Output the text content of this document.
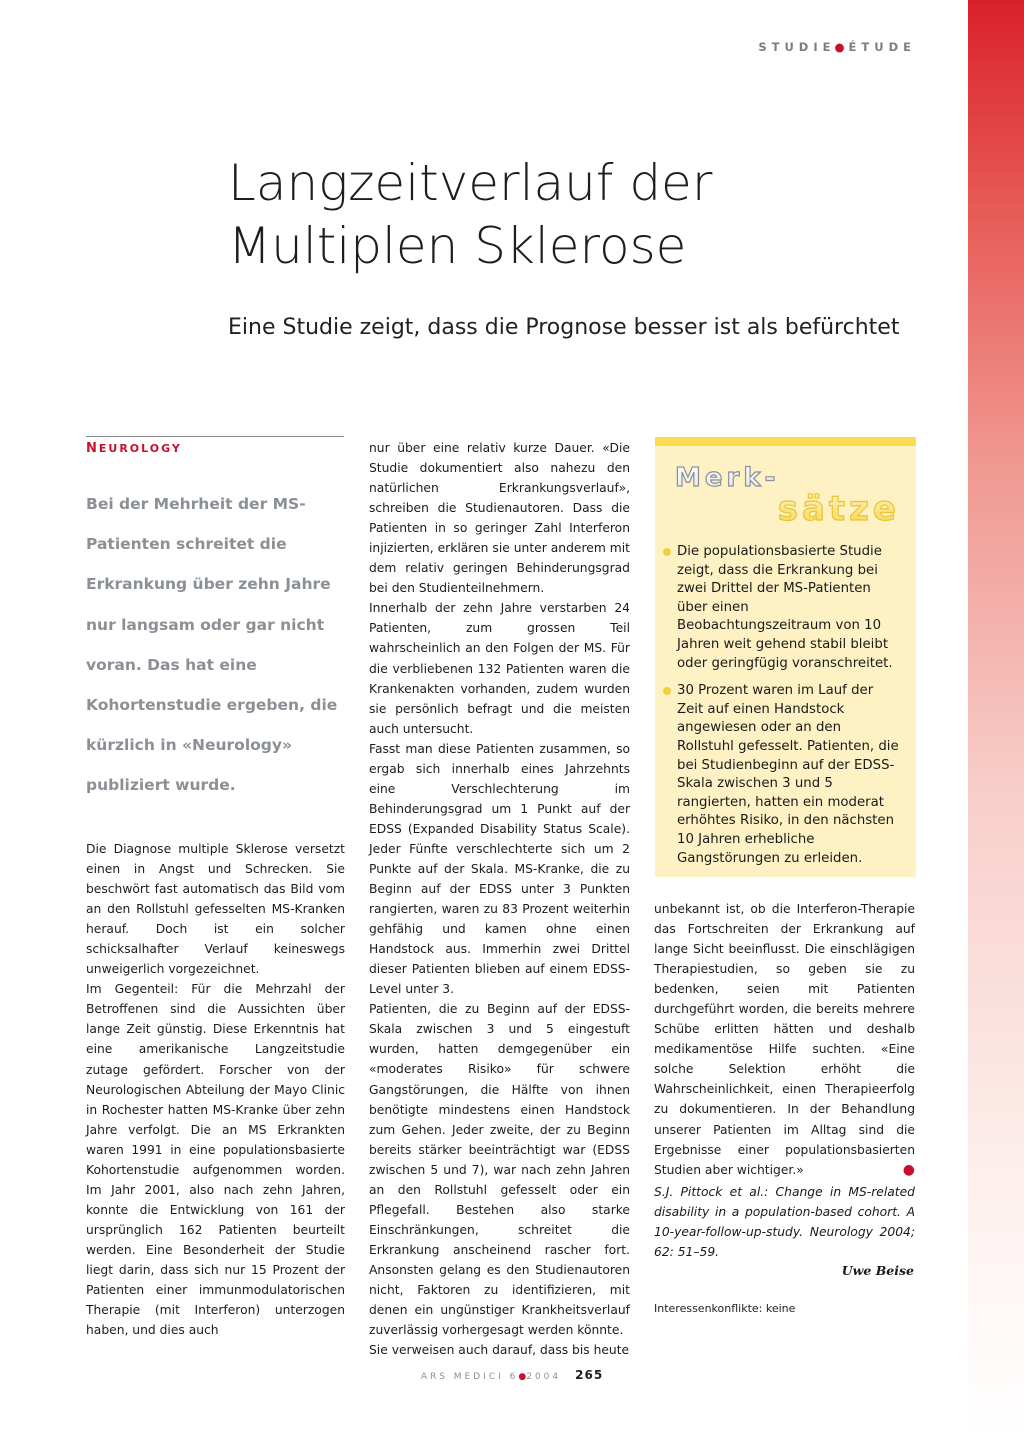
STUDIE● ÉTUDE
Langzeitverlauf der Multiplen Sklerose
Eine Studie zeigt, dass die Prognose besser ist als befürchtet
NEUROLOGY

Bei der Mehrheit der MS-Patienten schreitet die Erkrankung über zehn Jahre nur langsam oder gar nicht voran. Das hat eine Kohortenstudie ergeben, die kürzlich in «Neurology» publiziert wurde.

Die Diagnose multiple Sklerose versetzt einen in Angst und Schrecken. Sie beschwört fast automatisch das Bild vom an den Rollstuhl gefesselten MS-Kranken herauf. Doch ist ein solcher schicksalhafter Verlauf keineswegs unweigerlich vorgezeichnet.

Im Gegenteil: Für die Mehrzahl der Betroffenen sind die Aussichten über lange Zeit günstig. Diese Erkenntnis hat eine amerikanische Langzeitstudie zutage gefördert. Forscher von der Neurologischen Abteilung der Mayo Clinic in Rochester hatten MS-Kranke über zehn Jahre verfolgt. Die an MS Erkrankten waren 1991 in eine populationsbasierte Kohortenstudie aufgenommen worden. Im Jahr 2001, also nach zehn Jahren, konnte die Entwicklung von 161 der ursprünglich 162 Patienten beurteilt werden. Eine Besonderheit der Studie liegt darin, dass sich nur 15 Prozent der Patienten einer immunmodulatorischen Therapie (mit Interferon) unterzogen haben, und dies auch

nur über eine relativ kurze Dauer. «Die Studie dokumentiert also nahezu den natürlichen Erkrankungsverlauf», schreiben die Studienautoren. Dass die Patienten in so geringer Zahl Interferon injizierten, erklären sie unter anderem mit dem relativ geringen Behinderungsgrad bei den Studienteilnehmern.

Innerhalb der zehn Jahre verstarben 24 Patienten, zum grossen Teil wahrscheinlich an den Folgen der MS. Für die verbliebenen 132 Patienten waren die Krankenakten vorhanden, zudem wurden sie persönlich befragt und die meisten auch untersucht.

Fasst man diese Patienten zusammen, so ergab sich innerhalb eines Jahrzehnts eine Verschlechterung im Behinderungsgrad um 1 Punkt auf der EDSS (Expanded Disability Status Scale). Jeder Fünfte verschlechterte sich um 2 Punkte auf der Skala. MS-Kranke, die zu Beginn auf der EDSS unter 3 Punkten rangierten, waren zu 83 Prozent weiterhin gehfähig und kamen ohne einen Handstock aus. Immerhin zwei Drittel dieser Patienten blieben auf einem EDSS-Level unter 3.

Patienten, die zu Beginn auf der EDSS-Skala zwischen 3 und 5 eingestuft wurden, hatten demgegenüber ein «moderates Risiko» für schwere Gangstörungen, die Hälfte von ihnen benötigte mindestens einen Handstock zum Gehen. Jeder zweite, der zu Beginn bereits stärker beeinträchtigt war (EDSS zwischen 5 und 7), war nach zehn Jahren an den Rollstuhl gefesselt oder ein Pflegefall. Bestehen also starke Einschränkungen, schreitet die Erkrankung anscheinend rascher fort. Ansonsten gelang es den Studienautoren nicht, Faktoren zu identifizieren, mit denen ein ungünstiger Krankheitsverlauf zuverlässig vorhergesagt werden könnte.

Sie verweisen auch darauf, dass bis heute

Merk-
sätze
Die populationsbasierte Studie zeigt, dass die Erkrankung bei zwei Drittel der MS-Patienten über einen Beobachtungszeitraum von 10 Jahren weit gehend stabil bleibt oder geringfügig voranschreitet.
30 Prozent waren im Lauf der Zeit auf einen Handstock angewiesen oder an den Rollstuhl gefesselt. Patienten, die bei Studienbeginn auf der EDSS-Skala zwischen 3 und 5 rangierten, hatten ein moderat erhöhtes Risiko, in den nächsten 10 Jahren erhebliche Gangstörungen zu erleiden.

unbekannt ist, ob die Interferon-Therapie das Fortschreiten der Erkrankung auf lange Sicht beeinflusst. Die einschlägigen Therapiestudien, so geben sie zu bedenken, seien mit Patienten durchgeführt worden, die bereits mehrere Schübe erlitten hätten und deshalb medikamentöse Hilfe suchten. «Eine solche Selektion erhöht die Wahrscheinlichkeit, einen Therapieerfolg zu dokumentieren. In der Behandlung unserer Patienten im Alltag sind die Ergebnisse einer populationsbasierten Studien aber wichtiger.»	●

S.J. Pittock et al.: Change in MS-related disability in a population-based cohort. A 10-year-follow-up-study. Neurology 2004; 62: 51–59.

Uwe Beise
Interessenkonflikte: keine
ARS MEDICI 6●2004 265
